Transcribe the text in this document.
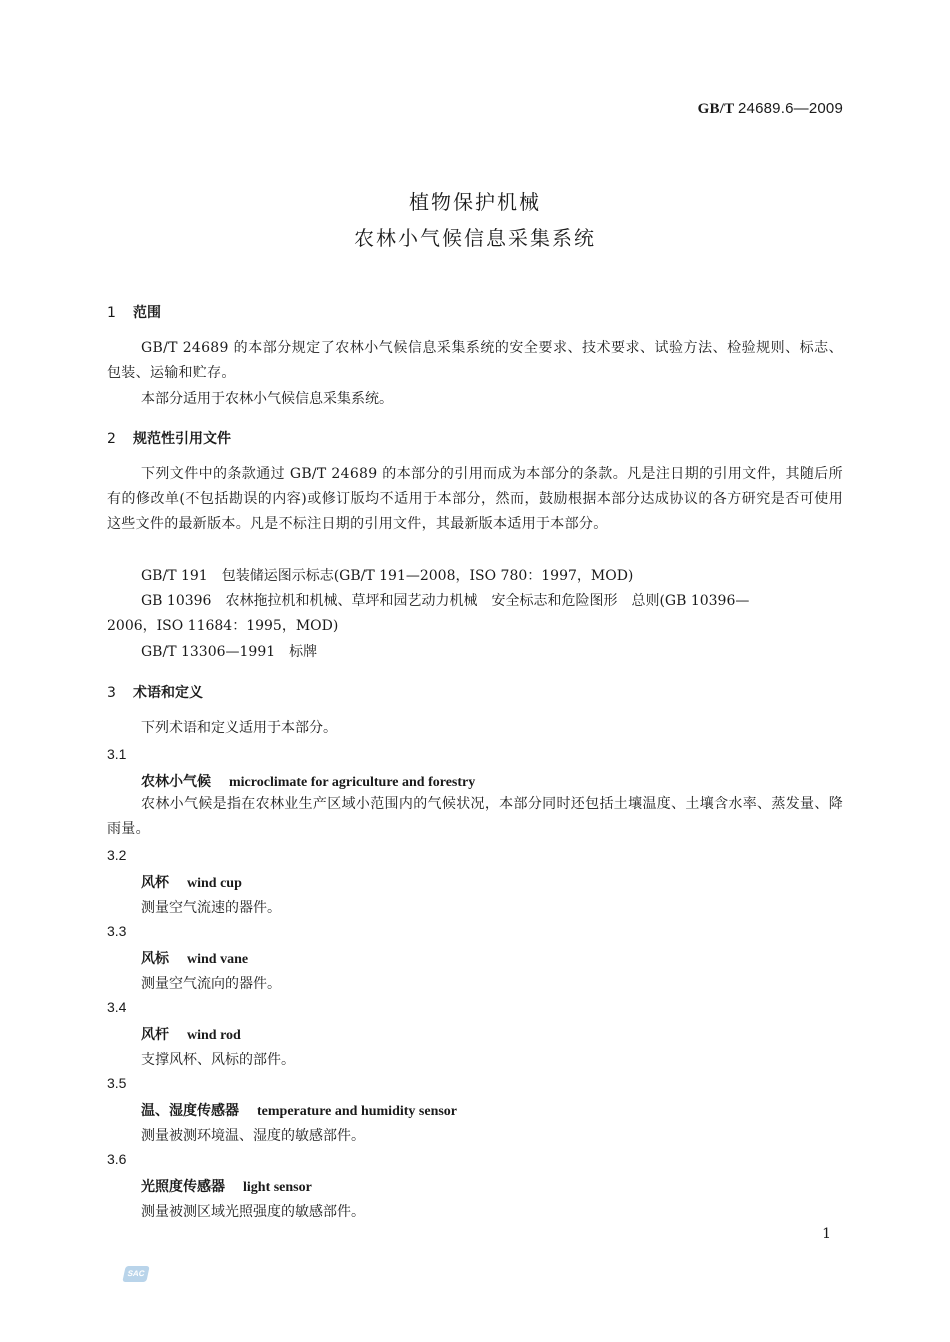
GB/T 24689.6—2009
植物保护机械
农林小气候信息采集系统
1 范围
GB/T 24689 的本部分规定了农林小气候信息采集系统的安全要求、技术要求、试验方法、检验规则、标志、包装、运输和贮存。
本部分适用于农林小气候信息采集系统。
2 规范性引用文件
下列文件中的条款通过 GB/T 24689 的本部分的引用而成为本部分的条款。凡是注日期的引用文件，其随后所有的修改单(不包括勘误的内容)或修订版均不适用于本部分，然而，鼓励根据本部分达成协议的各方研究是否可使用这些文件的最新版本。凡是不标注日期的引用文件，其最新版本适用于本部分。
GB/T 191　包装储运图示标志(GB/T 191—2008，ISO 780：1997，MOD)
GB 10396　农林拖拉机和机械、草坪和园艺动力机械　安全标志和危险图形　总则(GB 10396—
2006，ISO 11684：1995，MOD)
GB/T 13306—1991　标牌
3 术语和定义
下列术语和定义适用于本部分。
3.1
农林小气候 microclimate for agriculture and forestry
农林小气候是指在农林业生产区域小范围内的气候状况，本部分同时还包括土壤温度、土壤含水率、蒸发量、降雨量。
3.2
风杯 wind cup
测量空气流速的器件。
3.3
风标 wind vane
测量空气流向的器件。
3.4
风杆 wind rod
支撑风杯、风标的部件。
3.5
温、湿度传感器 temperature and humidity sensor
测量被测环境温、湿度的敏感部件。
3.6
光照度传感器 light sensor
测量被测区域光照强度的敏感部件。
1
SAC
